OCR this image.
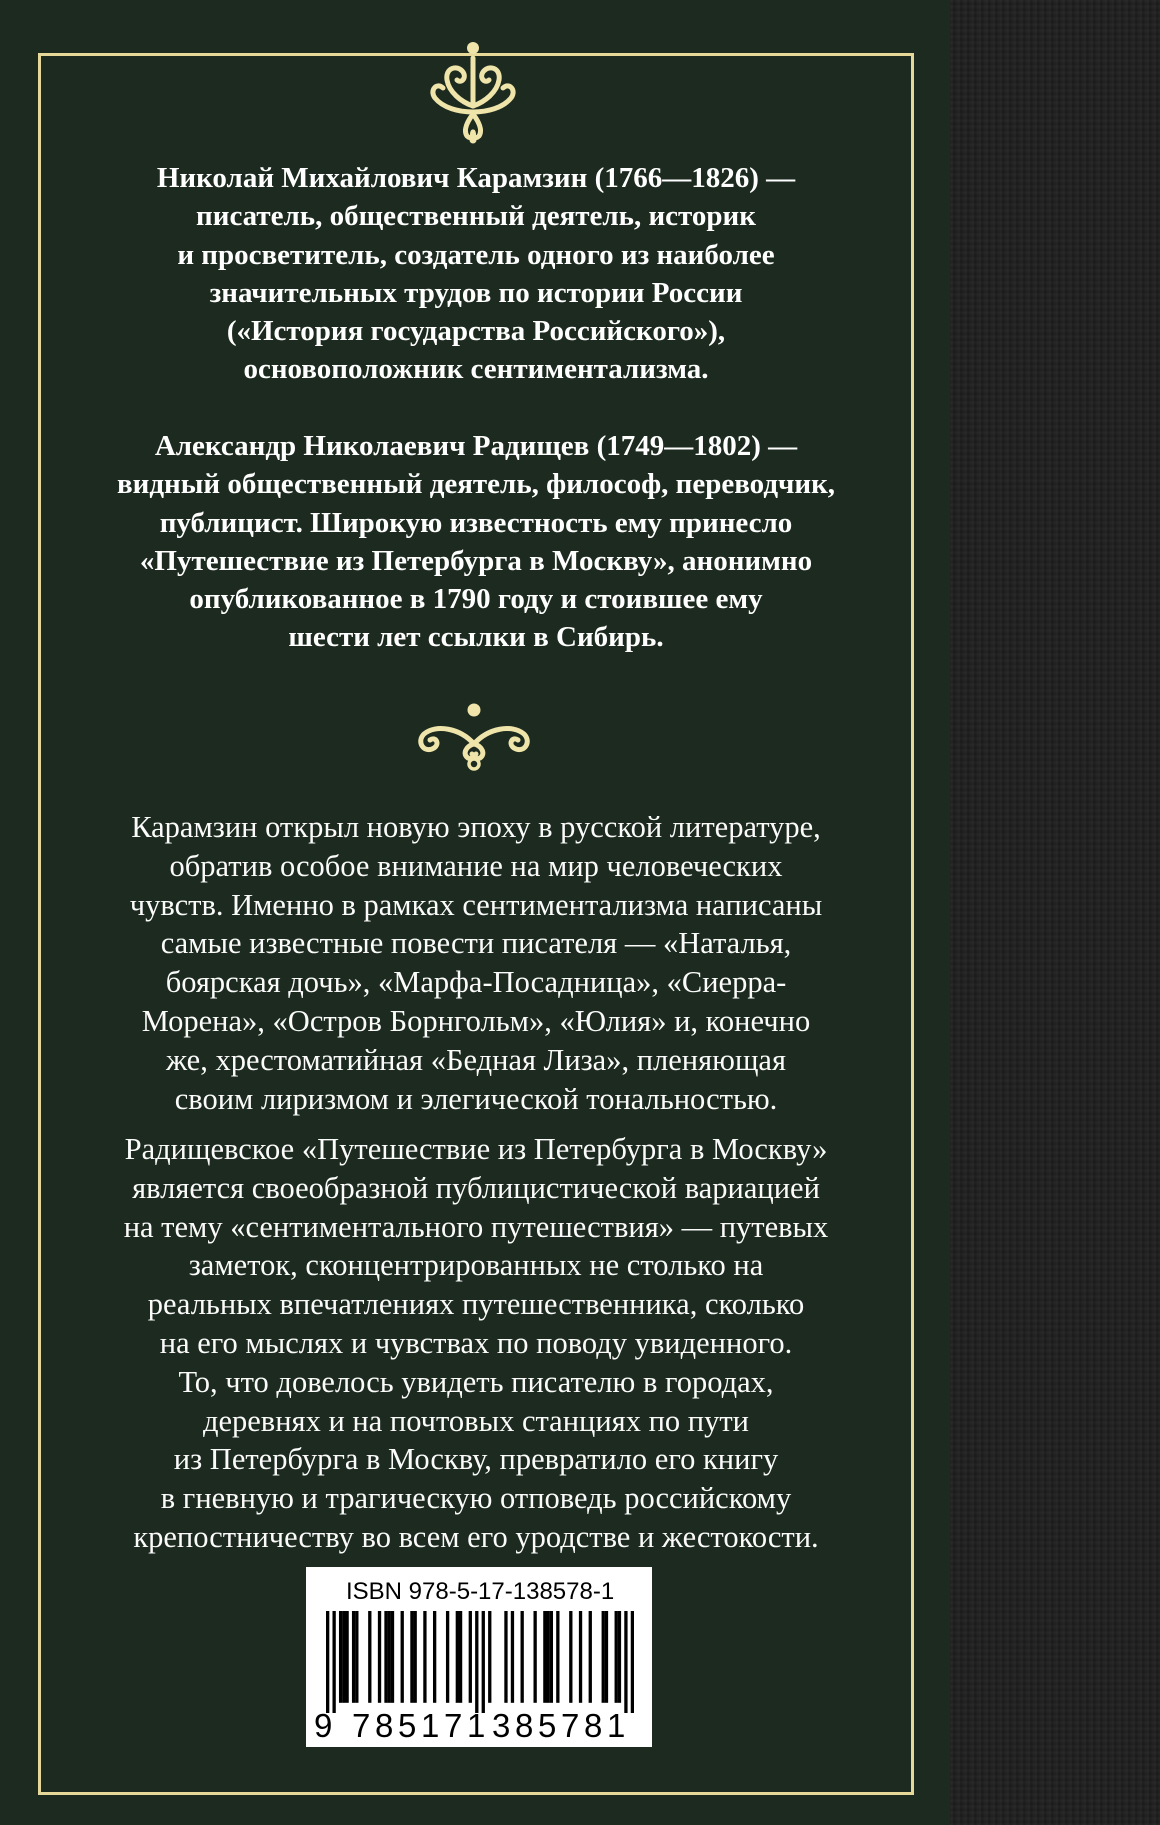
Николай Михайлович Карамзин (1766—1826) —
писатель, общественный деятель, историк
и просветитель, создатель одного из наиболее
значительных трудов по истории России
(«История государства Российского»),
основоположник сентиментализма.
Александр Николаевич Радищев (1749—1802) —
видный общественный деятель, философ, переводчик,
публицист. Широкую известность ему принесло
«Путешествие из Петербурга в Москву», анонимно
опубликованное в 1790 году и стоившее ему
шести лет ссылки в Сибирь.
Карамзин открыл новую эпоху в русской литературе,
обратив особое внимание на мир человеческих
чувств. Именно в рамках сентиментализма написаны
самые известные повести писателя — «Наталья,
боярская дочь», «Марфа-Посадница», «Сиерра-
Морена», «Остров Борнгольм», «Юлия» и, конечно
же, хрестоматийная «Бедная Лиза», пленяющая
своим лиризмом и элегической тональностью.
Радищевское «Путешествие из Петербурга в Москву»
является своеобразной публицистической вариацией
на тему «сентиментального путешествия» — путевых
заметок, сконцентрированных не столько на
реальных впечатлениях путешественника, сколько
на его мыслях и чувствах по поводу увиденного.
То, что довелось увидеть писателю в городах,
деревнях и на почтовых станциях по пути
из Петербурга в Москву, превратило его книгу
в гневную и трагическую отповедь российскому
крепостничеству во всем его уродстве и жестокости.
ISBN 978-5-17-138578-1
9 7 8 5 1 7 1 3 8 5 7 8 1
